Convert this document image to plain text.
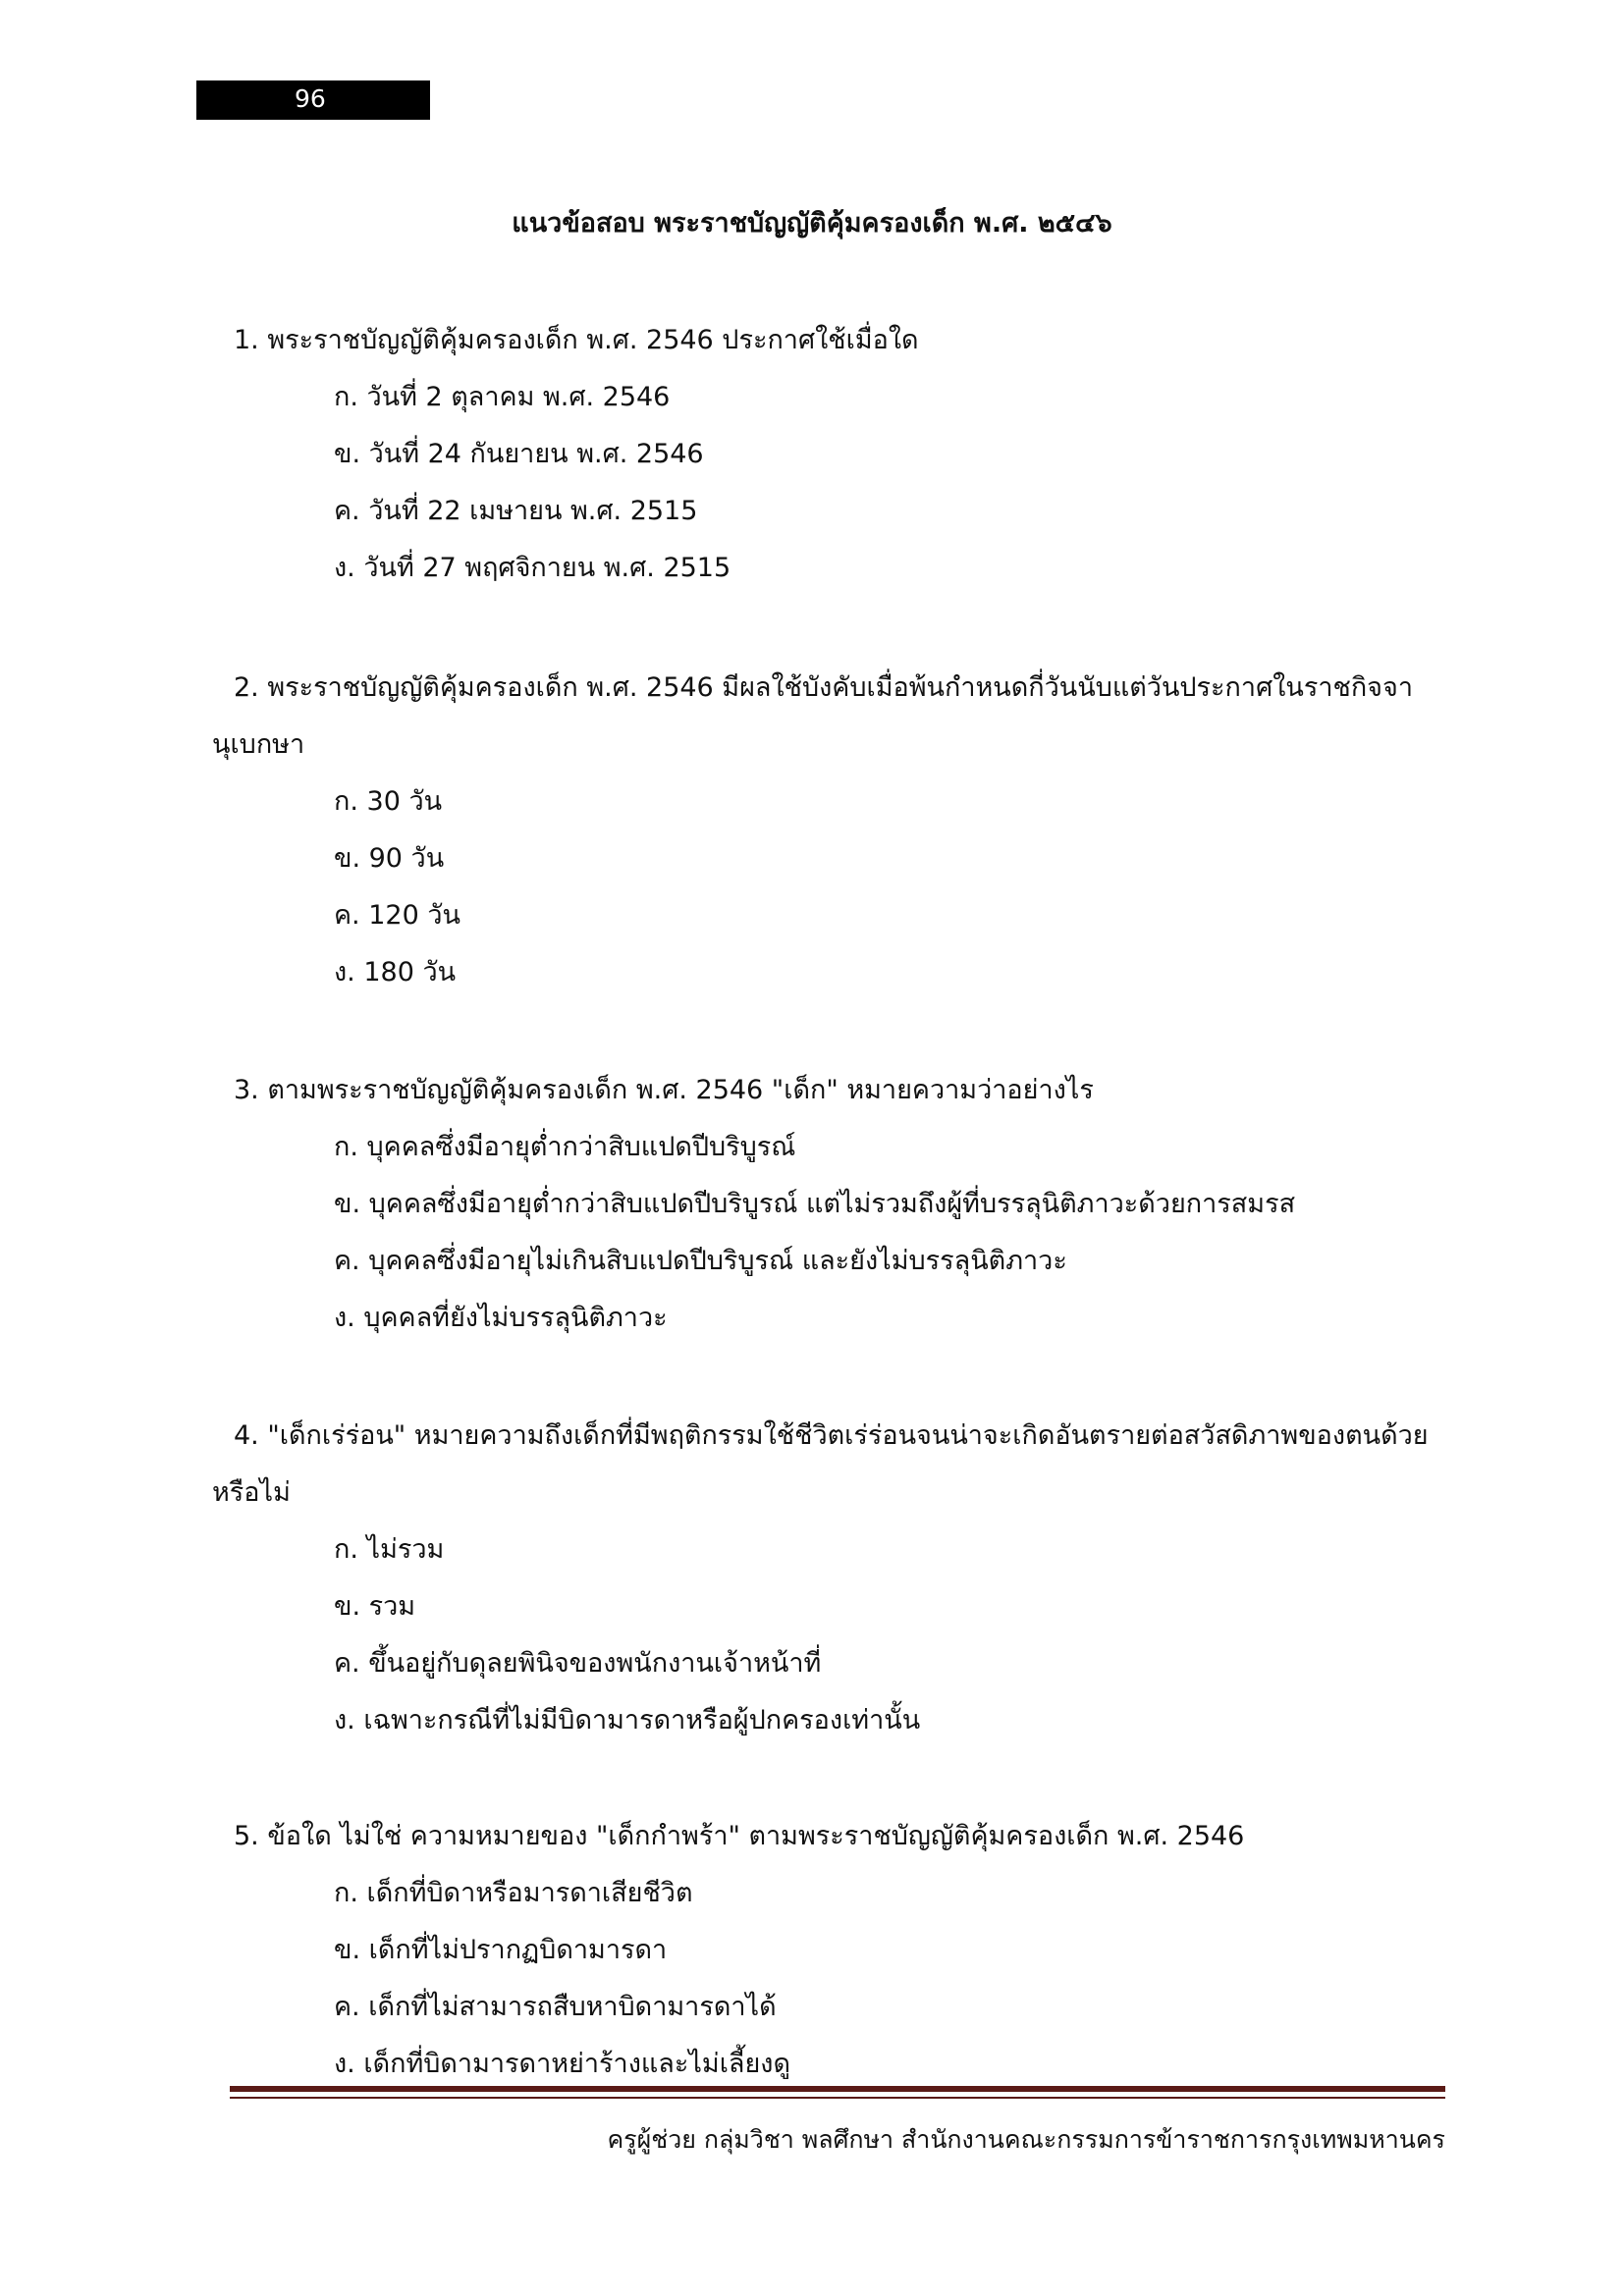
96
แนวข้อสอบ พระราชบัญญัติคุ้มครองเด็ก พ.ศ. ๒๕๔๖

1. พระราชบัญญัติคุ้มครองเด็ก พ.ศ. 2546 ประกาศใช้เมื่อใด

ก. วันที่ 2 ตุลาคม พ.ศ. 2546

ข. วันที่ 24 กันยายน พ.ศ. 2546

ค. วันที่ 22 เมษายน พ.ศ. 2515

ง. วันที่ 27 พฤศจิกายน พ.ศ. 2515

2. พระราชบัญญัติคุ้มครองเด็ก พ.ศ. 2546 มีผลใช้บังคับเมื่อพ้นกำหนดกี่วันนับแต่วันประกาศในราชกิจจา

นุเบกษา

ก. 30 วัน

ข. 90 วัน

ค. 120 วัน

ง. 180 วัน

3. ตามพระราชบัญญัติคุ้มครองเด็ก พ.ศ. 2546 "เด็ก" หมายความว่าอย่างไร

ก. บุคคลซึ่งมีอายุต่ำกว่าสิบแปดปีบริบูรณ์

ข. บุคคลซึ่งมีอายุต่ำกว่าสิบแปดปีบริบูรณ์ แต่ไม่รวมถึงผู้ที่บรรลุนิติภาวะด้วยการสมรส

ค. บุคคลซึ่งมีอายุไม่เกินสิบแปดปีบริบูรณ์ และยังไม่บรรลุนิติภาวะ

ง. บุคคลที่ยังไม่บรรลุนิติภาวะ

4. "เด็กเร่ร่อน" หมายความถึงเด็กที่มีพฤติกรรมใช้ชีวิตเร่ร่อนจนน่าจะเกิดอันตรายต่อสวัสดิภาพของตนด้วย

หรือไม่

ก. ไม่รวม

ข. รวม

ค. ขึ้นอยู่กับดุลยพินิจของพนักงานเจ้าหน้าที่

ง. เฉพาะกรณีที่ไม่มีบิดามารดาหรือผู้ปกครองเท่านั้น

5. ข้อใด ไม่ใช่ ความหมายของ "เด็กกำพร้า" ตามพระราชบัญญัติคุ้มครองเด็ก พ.ศ. 2546

ก. เด็กที่บิดาหรือมารดาเสียชีวิต

ข. เด็กที่ไม่ปรากฏบิดามารดา

ค. เด็กที่ไม่สามารถสืบหาบิดามารดาได้

ง. เด็กที่บิดามารดาหย่าร้างและไม่เลี้ยงดู

ครูผู้ช่วย กลุ่มวิชา พลศึกษา สำนักงานคณะกรรมการข้าราชการกรุงเทพมหานคร
